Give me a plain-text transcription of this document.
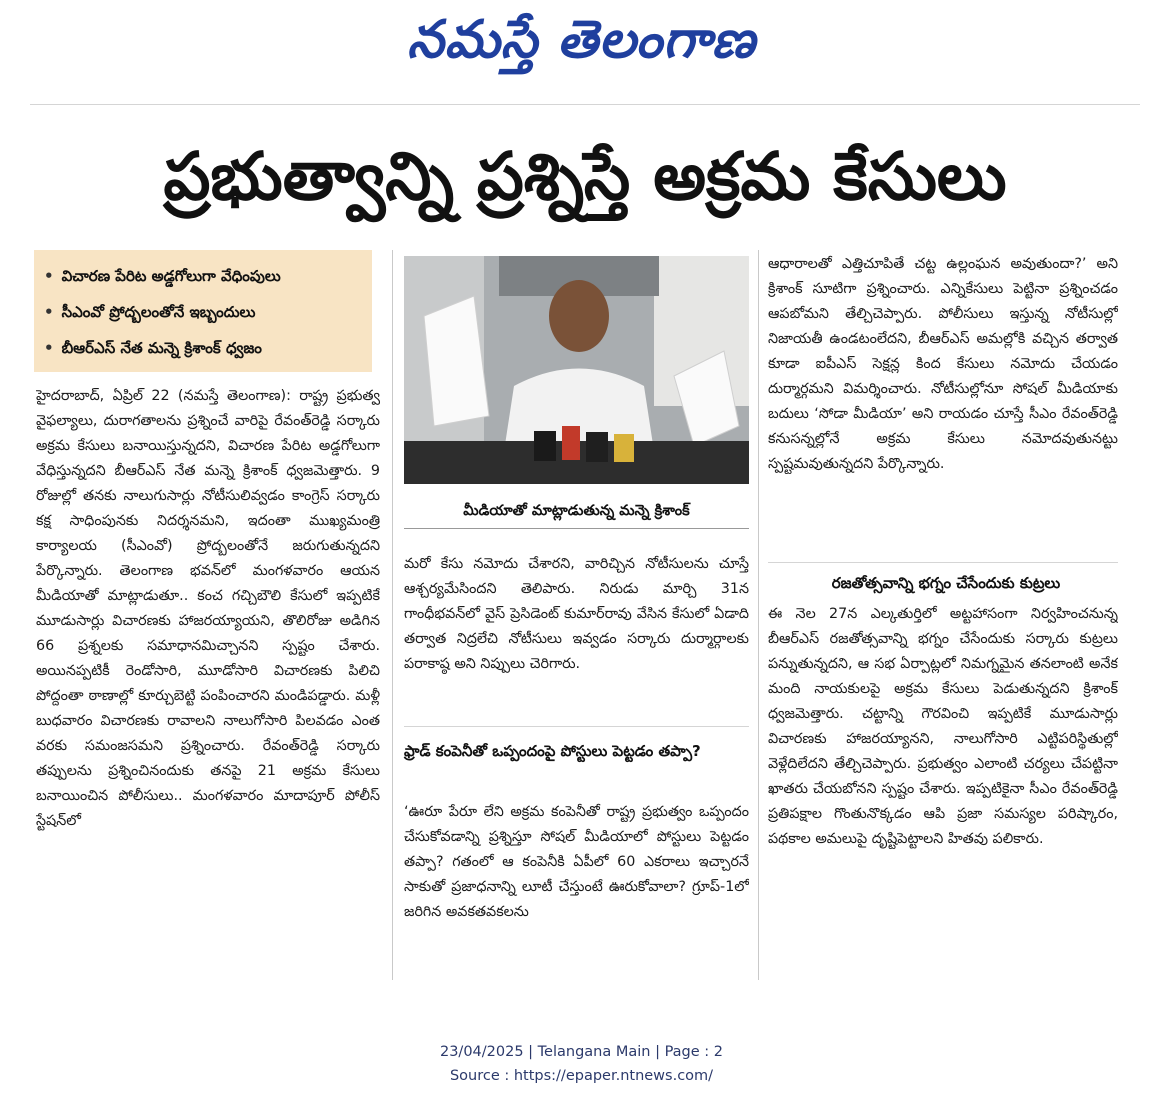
నమస్తే తెలంగాణ
ప్రభుత్వాన్ని ప్రశ్నిస్తే అక్రమ కేసులు
• విచారణ పేరిట అడ్డగోలుగా వేధింపులు
• సీఎంవో ప్రోద్బలంతోనే ఇబ్బందులు
• బీఆర్ఎస్ నేత మన్నె క్రిశాంక్ ధ్వజం

హైదరాబాద్, ఏప్రిల్ 22 (నమస్తే తెలంగాణ): రాష్ట్ర ప్రభుత్వ వైఫల్యాలు, దురాగతాలను ప్రశ్నించే వారిపై రేవంత్‌రెడ్డి సర్కారు అక్రమ కేసులు బనాయిస్తున్నదని, విచారణ పేరిట అడ్డగోలుగా వేధిస్తున్నదని బీఆర్ఎస్ నేత మన్నె క్రిశాంక్ ధ్వజమెత్తారు. 9 రోజుల్లో తనకు నాలుగుసార్లు నోటీసులివ్వడం కాంగ్రెస్ సర్కారు కక్ష సాధింపునకు నిదర్శనమని, ఇదంతా ముఖ్యమంత్రి కార్యాలయ (సీఎంవో) ప్రోద్బలంతోనే జరుగుతున్నదని పేర్కొన్నారు. తెలంగాణ భవన్‌లో మంగళవారం ఆయన మీడియాతో మాట్లాడుతూ.. కంచ గచ్చిబౌలి కేసులో ఇప్పటికే మూడుసార్లు విచారణకు హాజరయ్యాయని, తొలిరోజు అడిగిన 66 ప్రశ్నలకు సమాధానమిచ్చానని స్పష్టం చేశారు. అయినప్పటికీ రెండోసారి, మూడోసారి విచారణకు పిలిచి పోద్దంతా ఠాణాల్లో కూర్చుబెట్టి పంపించారని మండిపడ్డారు. మళ్లీ బుధవారం విచారణకు రావాలని నాలుగోసారి పిలవడం ఎంత వరకు సమంజసమని ప్రశ్నించారు. రేవంత్‌రెడ్డి సర్కారు తప్పులను ప్రశ్నించినందుకు తనపై 21 అక్రమ కేసులు బనాయించిన పోలీసులు.. మంగళవారం మాదాపూర్ పోలీస్ స్టేషన్‌లో

మీడియాతో మాట్లాడుతున్న మన్నె క్రిశాంక్

మరో కేసు నమోదు చేశారని, వారిచ్చిన నోటీసులను చూస్తే ఆశ్చర్యమేసిందని తెలిపారు. నిరుడు మార్చి 31న గాంధీభవన్‌లో వైస్ ప్రెసిడెంట్ కుమార్‌రావు వేసిన కేసులో ఏడాది తర్వాత నిద్రలేచి నోటీసులు ఇవ్వడం సర్కారు దుర్మార్గాలకు పరాకాష్ఠ అని నిప్పులు చెరిగారు.

ఫ్రాడ్ కంపెనీతో ఒప్పందంపై పోస్టులు పెట్టడం తప్పా?

‘ఊరూ పేరూ లేని అక్రమ కంపెనీతో రాష్ట్ర ప్రభుత్వం ఒప్పందం చేసుకోవడాన్ని ప్రశ్నిస్తూ సోషల్ మీడియాలో పోస్టులు పెట్టడం తప్పా? గతంలో ఆ కంపెనీకి ఏపీలో 60 ఎకరాలు ఇచ్చారనే సాకుతో ప్రజాధనాన్ని లూటీ చేస్తుంటే ఊరుకోవాలా? గ్రూప్-1లో జరిగిన అవకతవకలను

ఆధారాలతో ఎత్తిచూపితే చట్ట ఉల్లంఘన అవుతుందా?’ అని క్రిశాంక్ సూటిగా ప్రశ్నించారు. ఎన్నికేసులు పెట్టినా ప్రశ్నించడం ఆపబోమని తేల్చిచెప్పారు. పోలీసులు ఇస్తున్న నోటీసుల్లో నిజాయతీ ఉండటంలేదని, బీఆర్ఎస్ అమల్లోకి వచ్చిన తర్వాత కూడా ఐపీఎస్ సెక్షన్ల కింద కేసులు నమోదు చేయడం దుర్మార్గమని విమర్శించారు. నోటీసుల్లోనూ సోషల్ మీడియాకు బదులు ‘సోడా మీడియా’ అని రాయడం చూస్తే సీఎం రేవంత్‌రెడ్డి కనుసన్నల్లోనే అక్రమ కేసులు నమోదవుతునట్టు స్పష్టమవుతున్నదని పేర్కొన్నారు.

రజతోత్సవాన్ని భగ్నం చేసేందుకు కుట్రలు

ఈ నెల 27న ఎల్కతుర్తిలో అట్టహాసంగా నిర్వహించనున్న బీఆర్ఎస్ రజతోత్సవాన్ని భగ్నం చేసేందుకు సర్కారు కుట్రలు పన్నుతున్నదని, ఆ సభ ఏర్పాట్లలో నిమగ్నమైన తనలాంటి అనేక మంది నాయకులపై అక్రమ కేసులు పెడుతున్నదని క్రిశాంక్ ధ్వజమెత్తారు. చట్టాన్ని గౌరవించి ఇప్పటికే మూడుసార్లు విచారణకు హాజరయ్యానని, నాలుగోసారి ఎట్టిపరిస్థితుల్లో వెళ్లేదిలేదని తేల్చిచెప్పారు. ప్రభుత్వం ఎలాంటి చర్యలు చేపట్టినా ఖాతరు చేయబోనని స్పష్టం చేశారు. ఇప్పటికైనా సీఎం రేవంత్‌రెడ్డి ప్రతిపక్షాల గొంతునొక్కడం ఆపి ప్రజా సమస్యల పరిష్కారం, పథకాల అమలుపై దృష్టిపెట్టాలని హితవు పలికారు.

23/04/2025 | Telangana Main | Page : 2
Source : https://epaper.ntnews.com/
